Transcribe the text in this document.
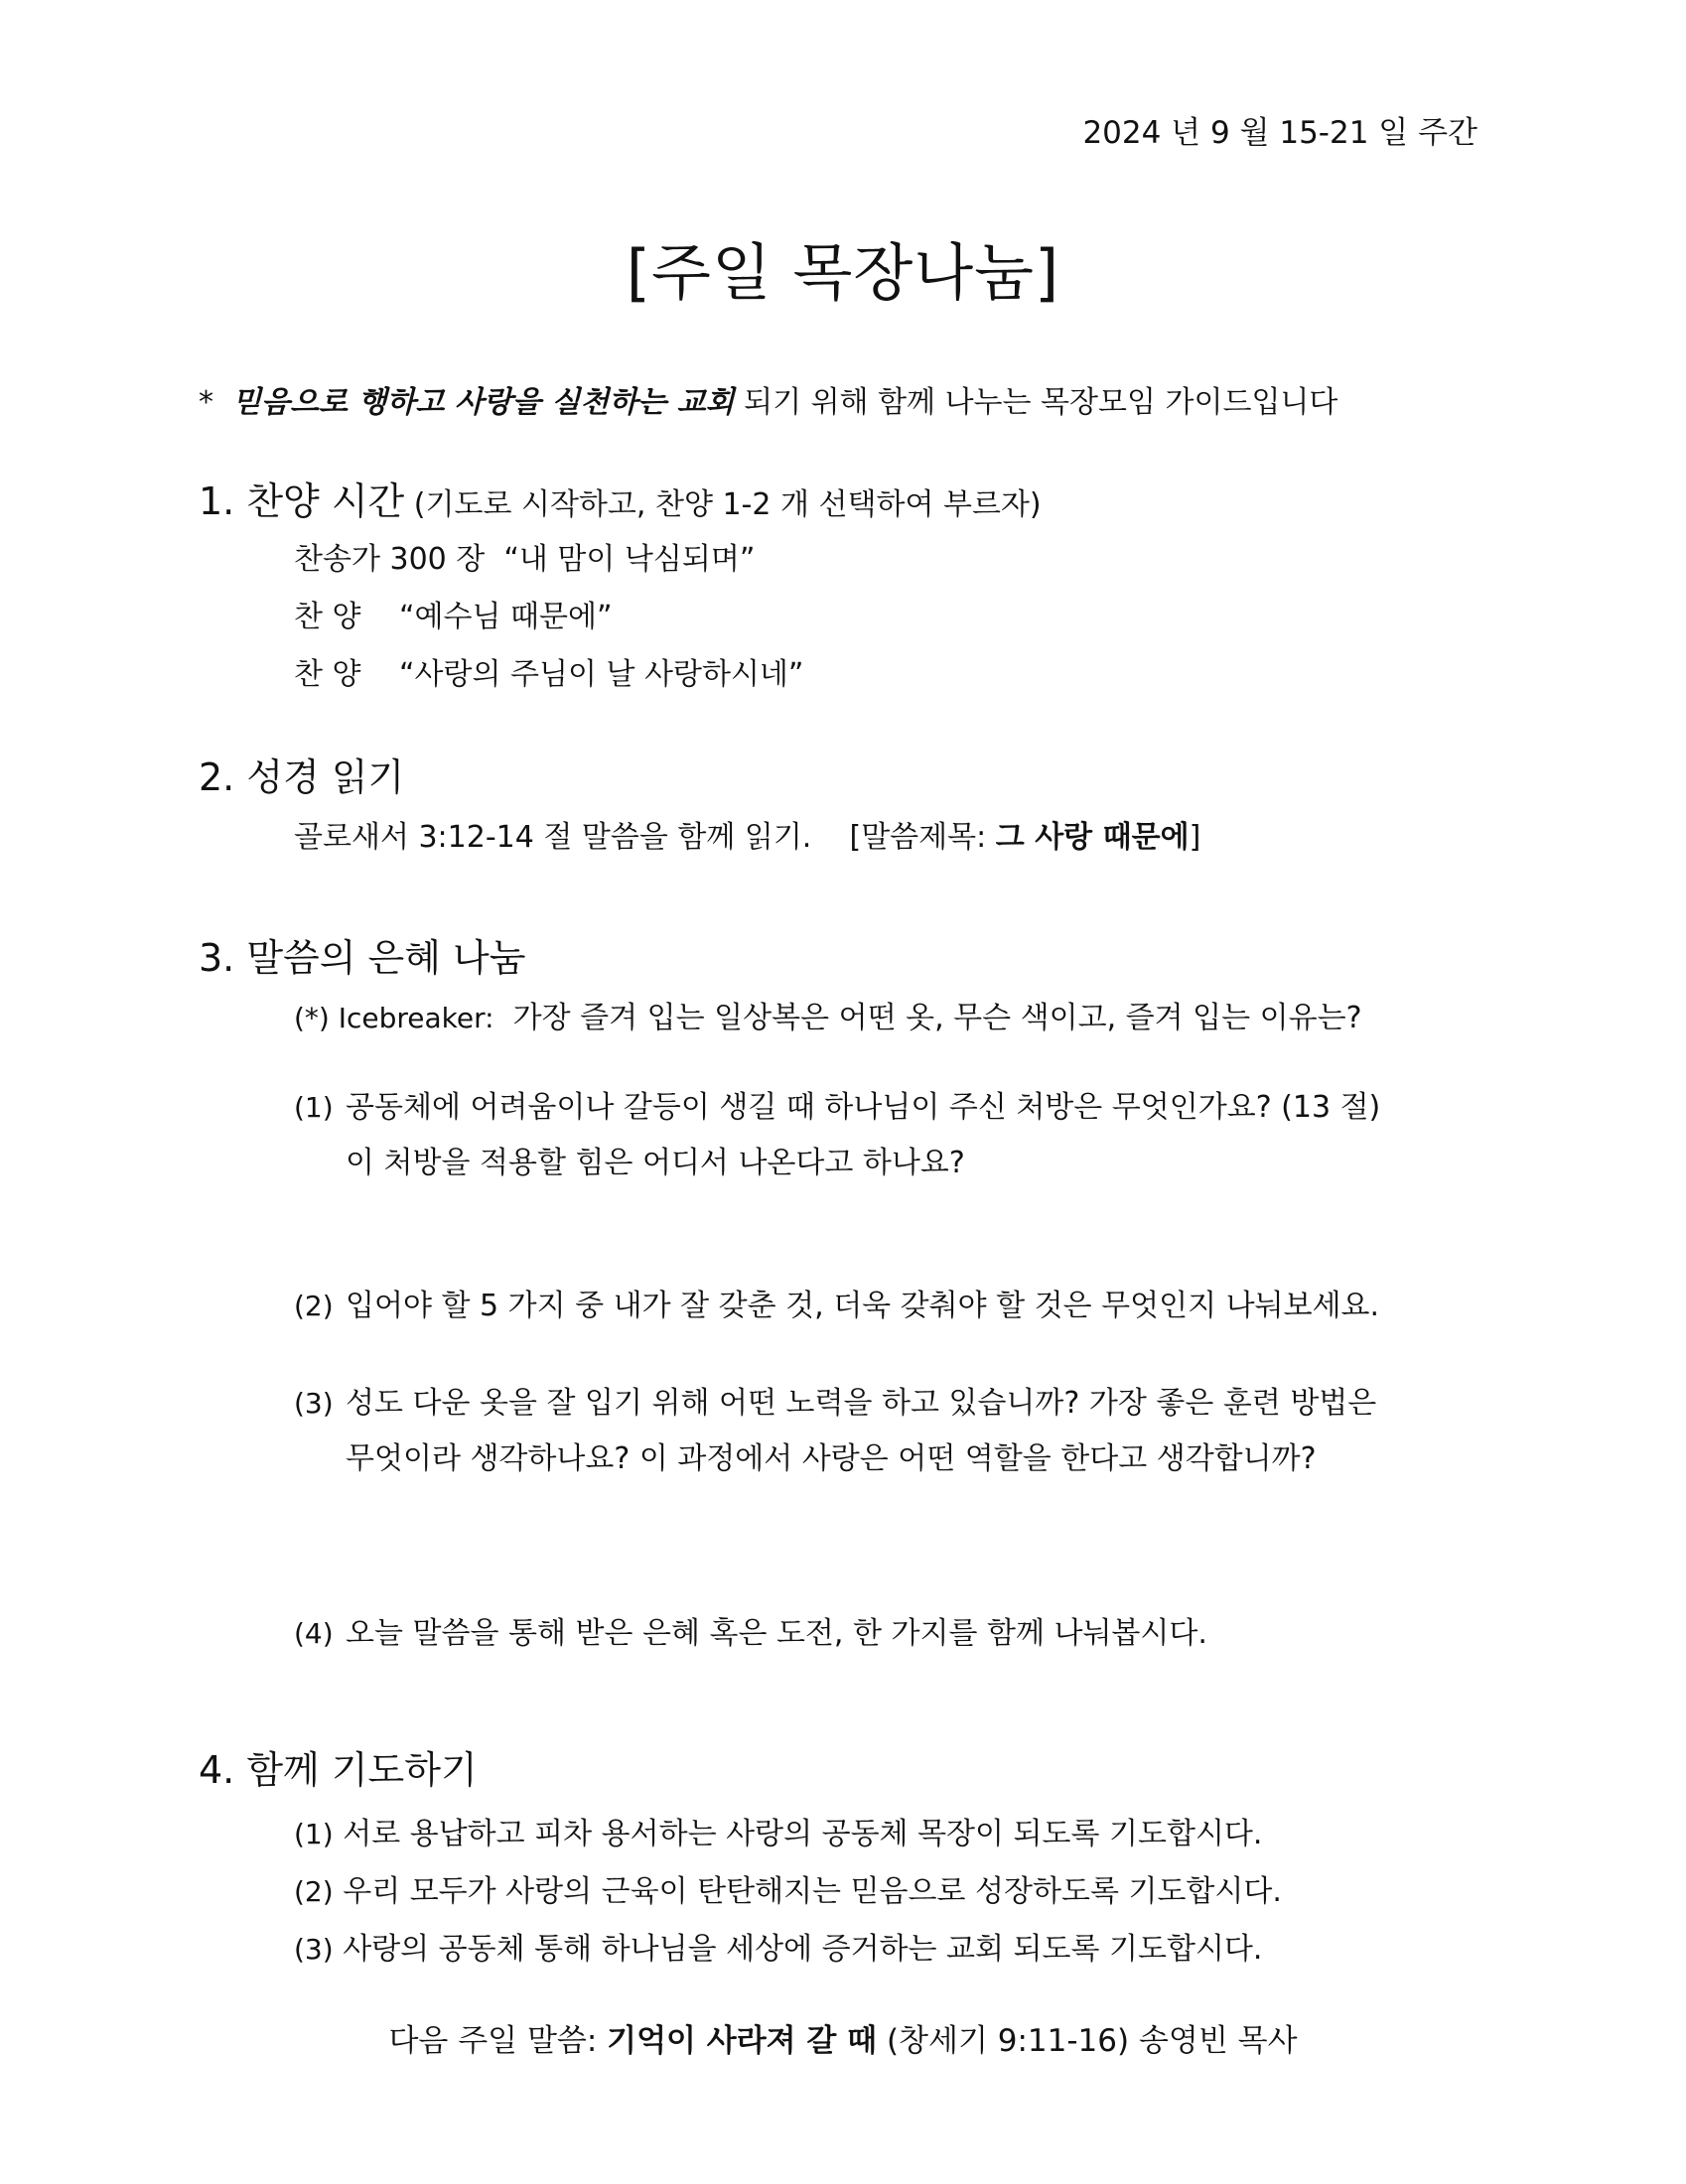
2024 년 9 월 15-21 일 주간
[주일 목장나눔]
* 믿음으로 행하고 사랑을 실천하는 교회 되기 위해 함께 나누는 목장모임 가이드입니다
1. 찬양 시간 (기도로 시작하고, 찬양 1-2 개 선택하여 부르자)
찬송가 300 장 “내 맘이 낙심되며”
찬 양 “예수님 때문에”
찬 양 “사랑의 주님이 날 사랑하시네”
2. 성경 읽기
골로새서 3:12-14 절 말씀을 함께 읽기. [말씀제목: 그 사랑 때문에]
3. 말씀의 은혜 나눔
(*) Icebreaker: 가장 즐겨 입는 일상복은 어떤 옷, 무슨 색이고, 즐겨 입는 이유는?
(1) 공동체에 어려움이나 갈등이 생길 때 하나님이 주신 처방은 무엇인가요? (13 절)
이 처방을 적용할 힘은 어디서 나온다고 하나요?
(2) 입어야 할 5 가지 중 내가 잘 갖춘 것, 더욱 갖춰야 할 것은 무엇인지 나눠보세요.
(3) 성도 다운 옷을 잘 입기 위해 어떤 노력을 하고 있습니까? 가장 좋은 훈련 방법은
무엇이라 생각하나요? 이 과정에서 사랑은 어떤 역할을 한다고 생각합니까?
(4) 오늘 말씀을 통해 받은 은혜 혹은 도전, 한 가지를 함께 나눠봅시다.
4. 함께 기도하기
(1) 서로 용납하고 피차 용서하는 사랑의 공동체 목장이 되도록 기도합시다.
(2) 우리 모두가 사랑의 근육이 탄탄해지는 믿음으로 성장하도록 기도합시다.
(3) 사랑의 공동체 통해 하나님을 세상에 증거하는 교회 되도록 기도합시다.
다음 주일 말씀: 기억이 사라져 갈 때 (창세기 9:11-16) 송영빈 목사
